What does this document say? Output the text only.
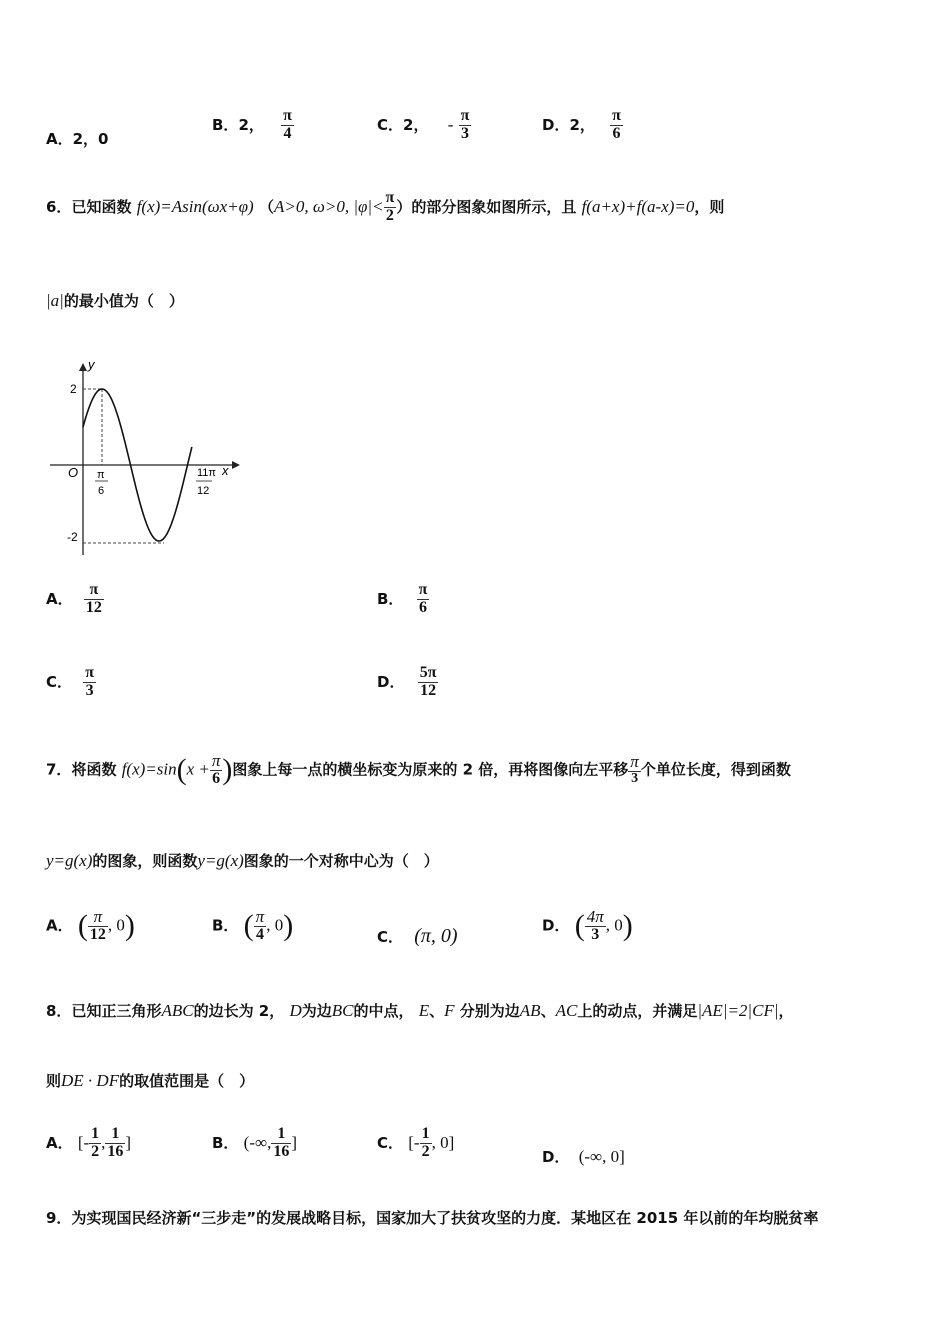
A．2，0
B．2， $\frac{\pi}{4}$	C．2， - $\frac{\pi}{3}$	D．2， $\frac{\pi}{6}$
6．已知函数 f(x)=Asin(ωx+φ) （A>0, ω>0, $|\varphi|< \frac{\pi}{2}$ ）的部分图象如图所示，且 f(a+x)+f(a-x)=0，则
|a|的最小值为（　）
y
x
O
2
-2
π
6
11π
12
A． $\frac{\pi}{12}$	B． $\frac{\pi}{6}$
C． $\frac{\pi}{3}$	D． $\frac{5\pi}{12}$
7．将函数 $f(x)=\sin(x + \frac{\pi}{6}$ )图象上每一点的横坐标变为原来的 2 倍，再将图像向左平移 $\frac{\pi}{3}$ 个单位长度，得到函数
y=g(x)的图象，则函数y=g(x)图象的一个对称中心为（　）
A． ( $\frac{\pi}{12}$ , 0)	B． ( $\frac{\pi}{4}$ , 0)	C． (π, 0)	D． ( $\frac{4\pi}{3}$ , 0)
8．已知正三角形ABC的边长为 2， D为边BC的中点， E、F 分别为边AB、AC上的动点，并满足|AE|=2|CF|，
则DE · DF的取值范围是（　）
A． [- $\frac{1}{2}$ , $\frac{1}{16}$ ]	B． (-∞, $\frac{1}{16}$ ]	C． [- $\frac{1}{2}$ , 0]
D． (-∞, 0]
9．为实现国民经济新“三步走”的发展战略目标，国家加大了扶贫攻坚的力度．某地区在 2015 年以前的年均脱贫率
